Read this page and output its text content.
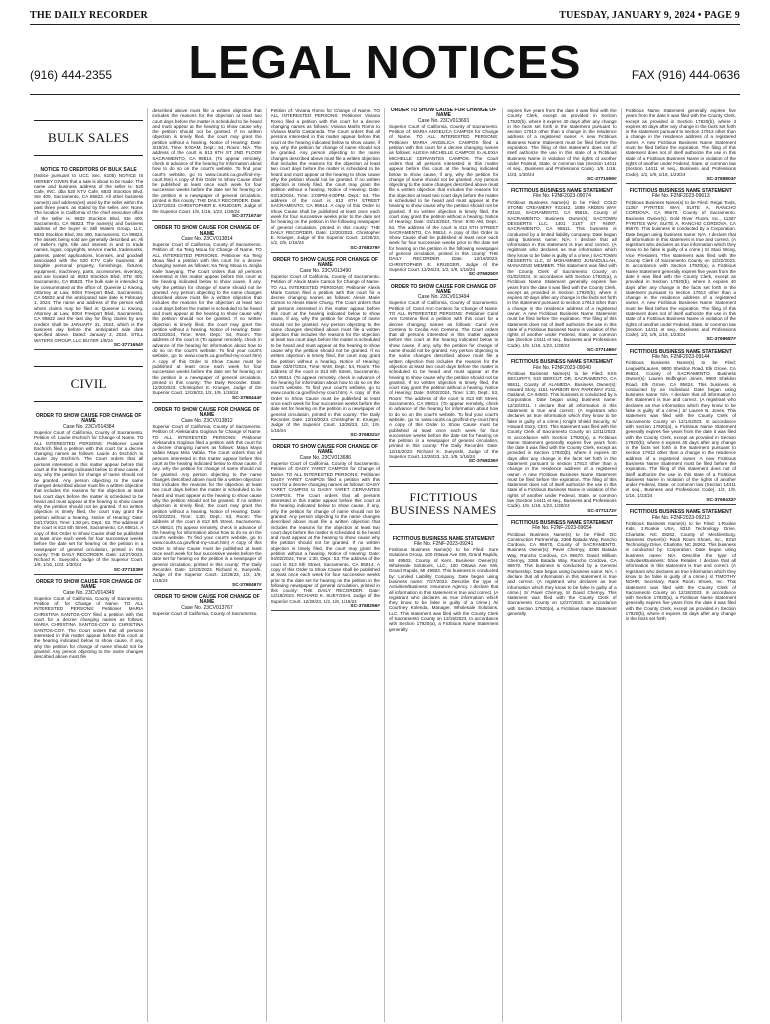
THE DAILY RECORDER	TUESDAY, JANUARY 9, 2024 • PAGE 9
LEGAL NOTICES
(916) 444-2355	FAX (916) 444-0636
BULK SALES

NOTICE TO CREDITORS OF BULK SALE

(Notice pursuant to UCC Sec. 6105) NOTICE IS HEREBY GIVEN that a sale is about to be made. The name and business address of the seller is: 520 Cafe, INC. dba 520 KTV Cafe, 6833 Stockton Blvd, Ste 400, Sacramento, CA 95823. All other business name(s) and address(es) used by the seller within the past three years, as stated by the seller, are: None. The location in California of the chief executive office of the seller is: 6833 Stockton Blvd, Ste 400, Sacramento, CA 95823. The name(s) and business address of the buyer is: Still Waters Group, LLC, 6833 Stockton Blvd, Ste 400, Sacramento, CA 95823. The assets being sold are generally described as: All of Seller's right, title and interest in and to trade names, logos, copyrights, service marks, trademarks, patents, patent applications, licenses, and goodwill associated with the 520 KTV Cafe business, all tangible personal property, furnishings, fixtures, equipment, machinery, parts, accessories, inventory, and are located at: 6833 Stockton Blvd, STE 400, Sacramento, CA 95823. The bulk sale is intended to be consummated at the office of: Queenie Li Kwong, Attorney at Law, 6004 Freeport Blvd, Sacramento, CA 95822 and the anticipated sale date is February 1, 2024. The name and address of the person with whom claims may be filed is: Queenie Li Kwong, Attorney at Law, 6004 Freeport Blvd, Sacramento, CA 95822 and the last day for filing claims by any creditor shall be JANUARY 31, 2024, which is the business day before the anticipated sale date specified above. Dated: January 2, 2024. STILL WATERS GROUP, LLC BUYER 1/9/24

SC-3771654#

CIVIL

ORDER TO SHOW CAUSE FOR CHANGE OF NAME

Case No. 23CV014384

Superior Court of California, County of Sacramento. Petition of: Laurie Eschrich for Change of Name. TO ALL INTERESTED PERSONS: Petitioner Laurie Eschrich filed a petition with this court for a decree changing names as follows: Laurie Jo Eschrich to Laurie Joy Eschrich. The Court orders that all persons interested in this matter appear before this court at the hearing indicated below to show cause, if any, why the petition for change of name should not be granted. Any person objecting to the name changes described above must file a written objection that includes the reasons for the objection at least two court days before the matter is scheduled to be heard and must appear at the hearing to show cause why the petition should not be granted. If no written objection is timely filed, the court may grant the petition without a hearing. Notice of Hearing: Date: 04/17/2024, Time: 1:30 pm, Dept.: 53. The address of the court is 813 6th Street, Sacramento, CA 95814. A copy of this Order to Show Cause shall be published at least once each week for four successive weeks before the date set for hearing on the petition in a newspaper of general circulation, printed in this county: THE DAILY RECORDER. Date: 12/27/2023. Richard K. Sueyoshi, Judge of the Superior Court. 1/9, 1/16, 1/23, 1/30/24

SC-3771039#

ORDER TO SHOW CAUSE FOR CHANGE OF NAME

Case No. 23CV014349

Superior Court of California, County of Sacramento. Petition of: for Change of Name. TO ALL INTERESTED PERSONS: Petitioner MARIA CHRISTINA SANTOS-COY filed a petition with this court for a decree changing names as follows: MARIA CHRISTINA SANTOS-COY to CHRISTINA SANTOS-COY. The Court orders that all persons interested in this matter appear before this court at the hearing indicated below to show cause, if any, why the petition for change of name should not be granted. Any person objecting to the name changes described above must file

described above must file a written objection that includes the reasons for the objection at least two court days before the matter is scheduled to be heard and must appear at the hearing to show cause why the petition should not be granted. If no written objection is timely filed, the court may grant the petition without a hearing. Notice of Hearing: Date: 3/19/24, Time: 9:00AM, Dept.: 54, Room: N/A. The address of the court is 813 6TH ST 2ND FLOOR SACRAMENTO, CA 95814. (To appear remotely, check in advance of the hearing for information about how to do so on the court's website. To find your court's website, go to www.courts.ca.gov/find-my-court.htm) A copy of this Order to Show Cause shall be published at least once each week for four successive weeks before the date set for hearing on the petition in a newspaper of general circulation, printed in this county: THE DAILY RECORDER. Date: 12/27/2023. CHRISTOPHER E. KRUEGER, Judge of the Superior Court. 1/9, 1/16, 1/23, 1/30/24

SC-3771674#

ORDER TO SHOW CAUSE FOR CHANGE OF NAME

Case No. 23CV013814

Superior Court of California, County of Sacramento. Petition of: Ka Teng Moua for Change of Name. TO ALL INTERESTED PERSONS: Petitioner Ka Teng Moua filed a petition with this court for a decree changing names as follows: Ka Teng Moua to Jonjila Kaile Saeyang. The Court orders that all persons interested in this matter appear before this court at the hearing indicated below to show cause, if any, why the petition for change of name should not be granted. Any person objecting to the name changes described above must file a written objection that includes the reasons for the objection at least two court days before the matter is scheduled to be heard and must appear at the hearing to show cause why the petition should not be granted. If no written objection is timely filed, the court may grant the petition without a hearing. Notice of Hearing: Date: 03/13/2024, Time: 9AM, Dept.: 54, Room: The address of the court is (To appear remotely, check in advance of the hearing for information about how to do so on the court's website. To find your court's website, go to www.courts.ca.gov/find-my-court.htm) A copy of this Order to Show Cause must be published at least once each week for four successive weeks before the date set for hearing on the petition in a newspaper of general circulation, printed in this county: The Daily Recorder. Date: 12/20/2023. Christopher E. Krueger, Judge of the Superior Court. 12/26/23, 1/2, 1/9, 1/16/24

SC-3768444#

ORDER TO SHOW CAUSE FOR CHANGE OF NAME

Case No. 23CV013812

Superior Court of California, County of Sacramento. Petition of: Aleksandra Goglova for Change of Name. TO ALL INTERESTED PERSONS: Petitioner Aleksandra Goglova filed a petition with this court for a decree changing names as follows: Maya Maya Vafalo Maya Mira Vafala. The Court orders that all persons interested in this matter appear before this court at the hearing indicated below to show cause, if any, why the petition for change of name should not be granted. Any person objecting to the name changes described above must file a written objection that includes the reasons for the objection at least two court days before the matter is scheduled to be heard and must appear at the hearing to show cause why the petition should not be granted. If no written objection is timely filed, the court may grant the petition without a hearing. Notice of Hearing: Date: 04/10/2024, Time: 1:30, Dept.: 53, Room: The address of the court is 813 6th Street, Sacramento, CA 95814. (To appear remotely, check in advance of the hearing for information about how to do so on the court's website. To find your court's website, go to www.courts.ca.gov/find-my-court.htm) A copy of this Order to Show Cause must be published at least once each week for four successive weeks before the date set for hearing on the petition in a newspaper of general circulation, printed in this county: The Daily Recorder. Date: 12/20/2023. Richard K. Sueyoshi, Judge of the Superior Court. 12/26/23, 1/2, 1/9, 1/16/24

SC-3768497#

ORDER TO SHOW CAUSE FOR CHANGE OF NAME

Case No. 23CV013767

Superior Court of California, County of Sacramento.

Petition of: Viviana Romo for Change of Name. TO ALL INTERESTED PERSONS: Petitioner Viviana Romo filed a petition with this court for a decree changing names as follows: Viviana Marlin Romo to Viviana Marlin Castaneda. The Court orders that all persons interested in this matter appear before this court at the hearing indicated below to show cause, if any, why the petition for change of name should not be granted. Any person objecting to the name changes described above must file a written objection that includes the reasons for the objection at least two court days before the matter is scheduled to be heard and must appear at the hearing to show cause why the petition should not be granted. If no written objection is timely filed, the court may grant the petition without a hearing. Notice of Hearing: Date: 03/13/2024, Time: 2:00PM-4:00PM, Dept.: 54. The address of the court is 813 6TH STREET SACRAMENTO, CA 95814. A copy of this Order to Show Cause shall be published at least once each week for four successive weeks prior to the date set for hearing on the petition in the following newspaper of general circulation, printed in this county: THE DAILY RECORDER. Date: 12/20/2023. Christopher E. Krueger, Judge of the Superior Court. 12/26/23, 1/2, 1/9, 1/16/24

SC-3768379#

ORDER TO SHOW CAUSE FOR CHANGE OF NAME

Case No. 23CV013490

Superior Court of California, County of Sacramento. Petition of: Alexis Marie Carson for Change of Name. TO ALL INTERESTED PERSONS: Petitioner Alexis Marie Carson filed a petition with this court for a decree changing names as follows: Alexis Marie Carson to Alexis Marie Chung. The Court orders that all persons interested in this matter appear before this court at the hearing indicated below to show cause, if any, why the petition for change of name should not be granted. Any person objecting to the name changes described above must file a written objection that includes the reasons for the objection at least two court days before the matter is scheduled to be heard and must appear at the hearing to show cause why the petition should not be granted. If no written objection is timely filed, the court may grant the petition without a hearing. Notice of Hearing: Date: 03/07/2024, Time: 9AM, Dept.: 54, Room: The address of the court is 813 6th Street, Sacramento, CA 95814. (To appear remotely, check in advance of the hearing for information about how to do so on the court's website. To find your court's website, go to www.courts.ca.gov/find-my-court.htm) A copy of this Order to Show Cause must be published at least once each week for four successive weeks before the date set for hearing on the petition in a newspaper of general circulation, printed in this county: The Daily Recorder. Date: 12/18/2023. Christopher E. Krueger, Judge of the Superior Court. 12/26/23, 1/2, 1/9, 1/16/24

SC-3768321#

ORDER TO SHOW CAUSE FOR CHANGE OF NAME

Case No. 23CV013686

Superior Court of California, County of Sacramento. Petition of: DAISY YARET CAMPOS for Change of Name. TO ALL INTERESTED PERSONS: Petitioner DAISY YARET CAMPOS filed a petition with this court for a decree changing names as follows: DAISY YARET CAMPOS to DAISY YARET CERVANTES CAMPOS. The Court orders that all persons interested in this matter appear before this court at the hearing indicated below to show cause, if any, why the petition for change of name should not be granted. Any person objecting to the name changes described above must file a written objection that includes the reasons for the objection at least two court days before the matter is scheduled to be heard and must appear at the hearing to show cause why the petition should not be granted. If no written objection is timely filed, the court may grant the petition without a hearing. Notice of Hearing: Date: 04/02/2024, Time: 1:30, Dept.: 53. The address of the court is 813 6th Street, Sacramento, CA 95814. A copy of this Order to Show Cause shall be published at least once each week for four successive weeks prior to the date set for hearing on the petition in the following newspaper of general circulation, printed in this county: THE DAILY RECORDER. Date: 12/18/2023. RICHARD K. SUEYOSHI, Judge of the Superior Court. 12/26/23, 1/2, 1/9, 1/16/24

SC-3768256#

ORDER TO SHOW CAUSE FOR CHANGE OF NAME

Case No. 23CV013691

Superior Court of California, County of Sacramento. Petition of: MARIA ANGELICA CAMPOS for Change of Name. TO ALL INTERESTED PERSONS: Petitioner MARIA ANGELICA CAMPOS filed a petition with this court for a decree changing names as follows: ALEXIA MICHELLE CAMPOS to ALEXIA MICHELLE CERVANTES CAMPOS. The Court orders that all persons interested in this matter appear before this court at the hearing indicated below to show cause, if any, why the petition for change of name should not be granted. Any person objecting to the name changes described above must file a written objection that includes the reasons for the objection at least two court days before the matter is scheduled to be heard and must appear at the hearing to show cause why the petition should not be granted. If no written objection is timely filed, the court may grant the petition without a hearing. Notice of Hearing: Date: 03/13/2024, Time: 9:00 AM, Dept.: 54. The address of the court is 813 6TH STREET SACRAMENTO, CA 95814. A copy of this Order to Show Cause shall be published at least once each week for four successive weeks prior to the date set for hearing on the petition in the following newspaper of general circulation, printed in this county: THE DAILY RECORDER. Date: 12/19/2023. CHRISTOPHER E. KRUEGER, Judge of the Superior Court. 12/26/23, 1/2, 1/9, 1/16/24

SC-3768250#

ORDER TO SHOW CAUSE FOR CHANGE OF NAME

Case No. 23CV013494

Superior Court of California, County of Sacramento. Petition of: Carol Ann Centeno for Change of Name. TO ALL INTERESTED PERSONS: Petitioner Carol Ann Centeno filed a petition with this court for a decree changing names as follows: Carol Ann Centeno to Cecilia Ann Centeno. The Court orders that all persons interested in this matter appear before this court at the hearing indicated below to show cause, if any, why the petition for change of name should not be granted. Any person objecting to the name changes described above must file a written objection that includes the reasons for the objection at least two court days before the matter is scheduled to be heard and must appear at the hearing to show cause why the petition should not be granted. If no written objection is timely filed, the court may grant the petition without a hearing. Notice of Hearing: Date: 04/02/2024, Time: 1:30, Dept.: 53, Room: The address of the court is 813 6th Street, Sacramento, CA 95814. (To appear remotely, check in advance of the hearing for information about how to do so on the court's website. To find your court's website, go to www.courts.ca.gov/find-my-court.htm) A copy of this Order to Show Cause must be published at least once each week for four successive weeks before the date set for hearing on the petition in a newspaper of general circulation, printed in this county: The Daily Recorder. Date: 12/15/2023. Richard K. Sueyoshi, Judge of the Superior Court. 12/26/23, 1/2, 1/9, 1/16/24

SC-3768236#

FICTITIOUS BUSINESS NAMES

FICTITIOUS BUSINESS NAME STATEMENT

File No. F2NF-2023-09241

Fictitious Business Name(s) to be Filed: Sure Solutions Group, 100 Ottawa Ave SW, Grand Rapids, MI 49503, County of Kent. Business Owner(s): Wholesale Solutions, LLC, 100 Ottawa Ave SW, Grand Rapids, MI 49503. This business is conducted by: Limited Liability Company. Date began using business name: 7/27/2022. Describe the type of Activities/Business: Insurance Agency. I declare that all information in this statement is true and correct. (A registrant who declares as true information which they know to be false is guilty of a crime.) /s/ Courtney Kolenda, Manager, Wholesale Solutions, LLC. This statement was filed with the County Clerk of Sacramento County on 12/19/2023. In accordance with Section 17920(a), a Fictitious Name Statement generally

expires five years from the date it was filed with the County Clerk, except as provided in Section 17920(b), where it expires 40 days after any change in the facts set forth in the statement pursuant to section 17913 other than a change in the residence address of a registered owner. A new Fictitious Business Name Statement must be filed before the expiration. The filing of this statement does not of itself authorize the use in this state of a Fictitious Business Name in violation of the rights of another under Federal, State, or common law (Section 14411 et seq., Business and Professions Code). 1/9, 1/16, 1/23, 1/30/24

SC-3771509#

FICTITIOUS BUSINESS NAME STATEMENT

File No. F2NF2023-09074

Fictitious Business Name(s) to be Filed: COLD STONE CREAMERY #22442, 1689 ARDEN WAY #2118, SACRAMENTO, CA 95815, County of SACRAMENTO. Business Owner(s): SACTOWN DESSERTS LLC, 1401 21ST ST #4097, SACRAMENTO, CA 95811. This business is conducted by a limited liability company. Date began using business name: N/A. I declare that all information in this statement is true and correct. (A registrant who declares as true information which they know to be false is guilty of a crime.) SACTOWN DESSERTS LLC, S/ MOHAMMED JUNAIDULLAH, MANAGING MEMBER. This statement was filed with the County Clerk of Sacramento County on 01/02/2024. In accordance with Section 17920(a), a Fictitious Name Statement generally expires five years from the date it was filed with the County Clerk, except as provided in Section 17920(b), where it expires 40 days after any change in the facts set forth in the statement pursuant to section 17913 other than a change in the residence address of a registered owner. A new Fictitious Business Name Statement must be filed before the expiration. The filing of this statement does not of itself authorize the use in this state of a Fictitious Business Name in violation of the rights of another under Federal, State, or common law (Section 14411 et seq., Business and Professions Code). 1/9, 1/16, 1/23, 1/30/24

SC-3771466#

FICTITIOUS BUSINESS NAME STATEMENT

File No. F2NF2023-09040

Fictitious Business Name(s) to be Filed: KSS SECURITY, 510 BERCUT DR, SACRAMENTO, CA 95811, County of ALAMEDA. Business Owner(s): Howard Story, 1151 HARBOR BAY PARKWAY #141, Oakland, CA 94502. This business is conducted by a Corporation. Date began using business name: 12/10/2011. I declare that all information in this statement is true and correct. (A registrant who declares as true information which they know to be false is guilty of a crime.) Knight Shield Security, S/ Howard Story, CEO. This statement was filed with the County Clerk of Sacramento County on 12/11/2023. In accordance with Section 17920(a), a Fictitious Name Statement generally expires five years from the date it was filed with the County Clerk, except as provided in Section 17920(b), where it expires 40 days after any change in the facts set forth in the statement pursuant to section 17913 other than a change in the residence address of a registered owner. A new Fictitious Business Name Statement must be filed before the expiration. The filing of this statement does not of itself authorize the use in this state of a Fictitious Business Name in violation of the rights of another under Federal, State, or common law (Section 14411 et seq., Business and Professions Code). 1/9, 1/16, 1/23, 1/30/24

SC-3771172#

FICTITIOUS BUSINESS NAME STATEMENT

File No. F2NF-2023-09654

Fictitious Business Name(s) to be Filed: DC Construction Partnership, 3368 Batada Way, Rancho Cordova, CA 95670, County of SACRAMENTO. Business Owner(s): Pavel Chernyy, 3368 Batada Way, Rancho Cordova, CA 95670. David William Chernyy, 3368 Batada Way, Rancho Cordova, CA 95670. This business is conducted by a General Partnership. Date began using business name: N/A. I declare that all information in this statement is true and correct. (A registrant who declares as true information which they know to be false is guilty of a crime.) S/ Pavel Chernyy, S/ David Chernyy. This statement was filed with the County Clerk of Sacramento County on 12/27/2023. In accordance with Section 17920(a), a Fictitious Name Statement generally

Fictitious Name Statement generally expires five years from the date it was filed with the County Clerk, except as provided in Section 17920(b), where it expires 40 days after any change in the facts set forth in the statement pursuant to section 17913 other than a change in the residence address of a registered owner. A new Fictitious Business Name Statement must be filed before the expiration. The filing of this statement does not of itself authorize the use in this state of a Fictitious Business Name in violation of the rights of another under Federal, State, or common law (Section 14411 et seq., Business and Professions Code). 1/2, 1/9, 1/16, 1/23/24

SC-3769803#

FICTITIOUS BUSINESS NAME STATEMENT

File No. F2NF2023-09613

Fictitious Business Name(s) to be Filed: Regal Tools, 11367 PYRITES WAY, SUITE A, RANCHO CORDOVA, CA 95670, County of Sacramento. Business Owner(s): Gold River Floors, Inc., 11367 PYRITES WAY, SUITE A, RANCHO CORDOVA, CA 95670. This business is conducted by a Corporation. Date began using business name: N/A. I declare that all information in this statement is true and correct. (A registrant who declares as true information which they know to be false is guilty of a crime.) S/ Staci Wong, Vice President. This statement was filed with the County Clerk of Sacramento County on 12/22/2023. In accordance with Section 17920(a), a Fictitious Name Statement generally expires five years from the date it was filed with the County Clerk, except as provided in Section 17920(b), where it expires 40 days after any change in the facts set forth in the statement pursuant to section 17913 other than a change in the residence address of a registered owner. A new Fictitious Business Name Statement must be filed before the expiration. The filing of this statement does not of itself authorize the use in this state of a Fictitious Business Name in violation of the rights of another under Federal, State, or common law (Section 14411 et seq., Business and Professions Code). 1/2, 1/9, 1/16, 1/23/24

SC-3769687#

FICTITIOUS BUSINESS NAME STATEMENT

File No. F2NF2023-09144

Fictitious Business Name(s) to be Filed: LeapwithLauren, 9800 Sheldon Road, Elk Grove, CA 95624, County of SACRAMENTO. Business Owner(s): Lauren Buffington Jones, 9800 Sheldon Road, Elk Grove, CA 95624. This business is conducted by an Individual. Date began using business name: N/A. I declare that all information in this statement is true and correct. (A registrant who declares as true information which they know to be false is guilty of a crime.) S/ Lauren B. Jones. This statement was filed with the County Clerk of Sacramento County on 12/14/2023. In accordance with section 17920(a), a Fictitious Name Statement generally expires five years from the date it was filed with the County Clerk, except as provided in Section 17920(b), where it expires 40 days after any change in the facts set forth in the statement pursuant to section 17913 other than a change in the residence address of a registered owner. A new Fictitious Business Name Statement must be filed before the expiration. The filing of this statement does not of itself authorize the use in this state of a Fictitious Business Name in violation of the rights of another under Federal, State, or common law (Section 14411 et seq., Business and Professions Code). 1/2, 1/9, 1/16, 1/23/24

SC-3769432#

FICTITIOUS BUSINESS NAME STATEMENT

File No. F2NF2023-09213

Fictitious Business Name(s) to be Filed: 1.Rookie Kids, 2.Rookie USA, 8310 Technology Drive, Charlotte, NC 28262, County of Mecklenburg. Business Owner(s): Rack Room Shoes, Inc., 8310 Technology Drive, Charlotte, NC 28262. This business is conducted by: Corporation. Date began using business name: N/A. Describe the type of Activities/Business: Shoe Retailer. I declare that all information in this statement is true and correct. (A registrant who declares as true information which they know to be false is guilty of a crime.) s/ TIMOTHY NOHR, Secretary, Rack Room Shoes, Inc. This statement was filed with the County Clerk of Sacramento County on 12/18/2023. In accordance with Section 17920(a), a Fictitious Name Statement generally expires five years from the date it was filed with the County Clerk, except as provided in Section 17920(b), where it expires 40 days after any change in the facts set forth
